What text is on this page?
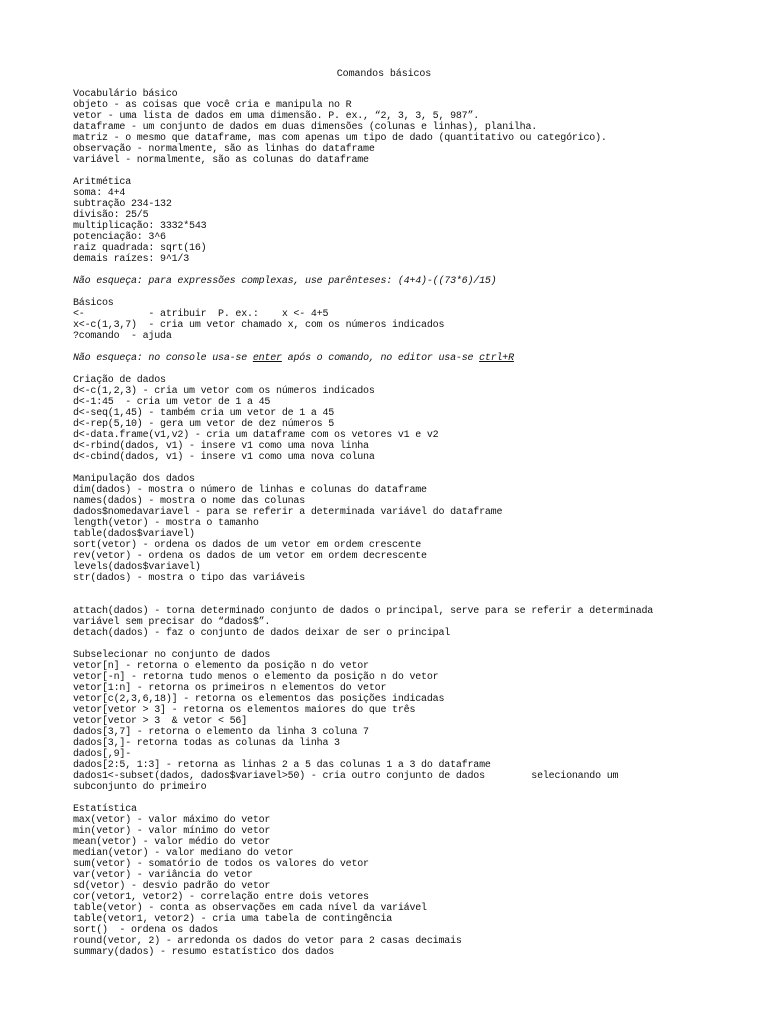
Comandos básicos
Vocabulário básico
objeto - as coisas que você cria e manipula no R
vetor - uma lista de dados em uma dimensão. P. ex., “2, 3, 3, 5, 987”.
dataframe - um conjunto de dados em duas dimensões (colunas e linhas), planilha.
matriz - o mesmo que dataframe, mas com apenas um tipo de dado (quantitativo ou categórico).
observação - normalmente, são as linhas do dataframe
variável - normalmente, são as colunas do dataframe
Aritmética
soma: 4+4
subtração 234-132
divisão: 25/5
multiplicação: 3332*543
potenciação: 3^6
raiz quadrada: sqrt(16)
demais raízes: 9^1/3
Não esqueça: para expressões complexas, use parênteses: (4+4)-((73*6)/15)
Básicos
<-           - atribuir  P. ex.:    x <- 4+5
x<-c(1,3,7)  - cria um vetor chamado x, com os números indicados
?comando  - ajuda
Não esqueça: no console usa-se enter após o comando, no editor usa-se ctrl+R
Criação de dados
d<-c(1,2,3) - cria um vetor com os números indicados
d<-1:45  - cria um vetor de 1 a 45
d<-seq(1,45) - também cria um vetor de 1 a 45
d<-rep(5,10) - gera um vetor de dez números 5
d<-data.frame(v1,v2) - cria um dataframe com os vetores v1 e v2
d<-rbind(dados, v1) - insere v1 como uma nova linha
d<-cbind(dados, v1) - insere v1 como uma nova coluna
Manipulação dos dados
dim(dados) - mostra o número de linhas e colunas do dataframe
names(dados) - mostra o nome das colunas
dados$nomedavariavel - para se referir a determinada variável do dataframe
length(vetor) - mostra o tamanho
table(dados$variavel)
sort(vetor) - ordena os dados de um vetor em ordem crescente
rev(vetor) - ordena os dados de um vetor em ordem decrescente
levels(dados$variavel)
str(dados) - mostra o tipo das variáveis
attach(dados) - torna determinado conjunto de dados o principal, serve para se referir a determinada
variável sem precisar do “dados$”.
detach(dados) - faz o conjunto de dados deixar de ser o principal
Subselecionar no conjunto de dados
vetor[n] - retorna o elemento da posição n do vetor
vetor[-n] - retorna tudo menos o elemento da posição n do vetor
vetor[1:n] - retorna os primeiros n elementos do vetor
vetor[c(2,3,6,18)] - retorna os elementos das posições indicadas
vetor[vetor > 3] - retorna os elementos maiores do que três
vetor[vetor > 3  & vetor < 56]
dados[3,7] - retorna o elemento da linha 3 coluna 7
dados[3,]- retorna todas as colunas da linha 3
dados[,9]-
dados[2:5, 1:3] - retorna as linhas 2 a 5 das colunas 1 a 3 do dataframe
dados1<-subset(dados, dados$variavel>50) - cria outro conjunto de dados        selecionando um
subconjunto do primeiro
Estatística
max(vetor) - valor máximo do vetor
min(vetor) - valor mínimo do vetor
mean(vetor) - valor médio do vetor
median(vetor) - valor mediano do vetor
sum(vetor) - somatório de todos os valores do vetor
var(vetor) - variância do vetor
sd(vetor) - desvio padrão do vetor
cor(vetor1, vetor2) - correlação entre dois vetores
table(vetor) - conta as observações em cada nível da variável
table(vetor1, vetor2) - cria uma tabela de contingência
sort()  - ordena os dados
round(vetor, 2) - arredonda os dados do vetor para 2 casas decimais
summary(dados) - resumo estatístico dos dados
